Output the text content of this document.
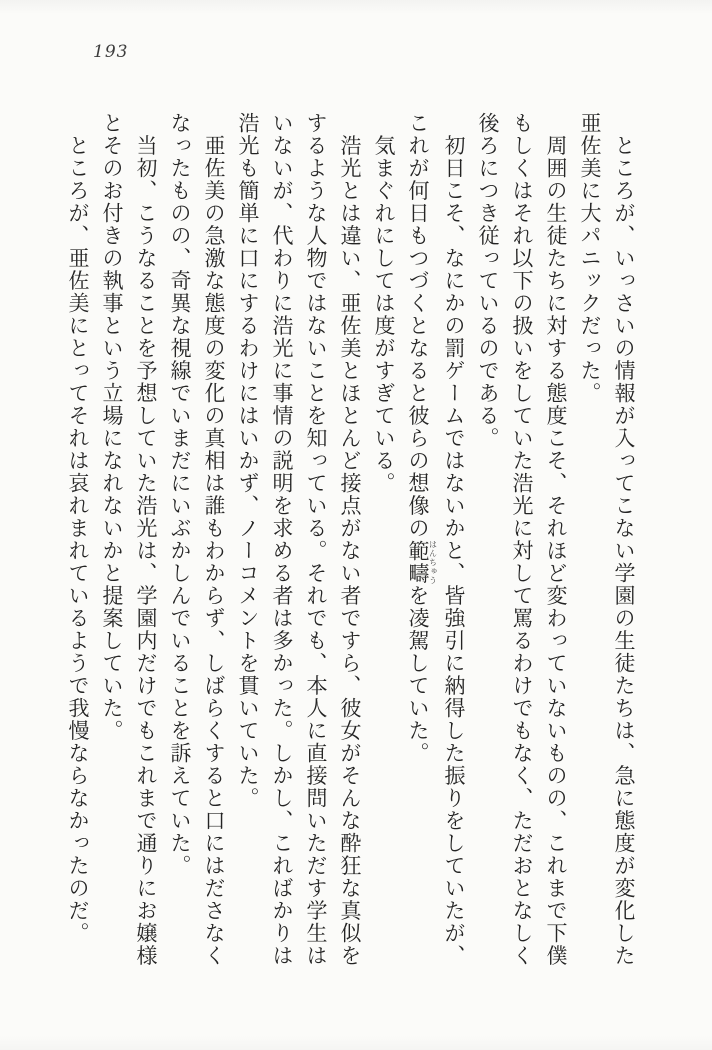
193

　ところが、いっさいの情報が入ってこない学園の生徒たちは、急に態度が変化した

亜佐美に大パニックだった。

　周囲の生徒たちに対する態度こそ、それほど変わっていないものの、これまで下僕

もしくはそれ以下の扱いをしていた浩光に対して罵るわけでもなく、ただおとなしく

後ろにつき従っているのである。

　初日こそ、なにかの罰ゲームではないかと、皆強引に納得した振りをしていたが、

これが何日もつづくとなると彼らの想像の範疇はんちゅうを凌駕していた。

　気まぐれにしては度がすぎている。

　浩光とは違い、亜佐美とほとんど接点がない者ですら、彼女がそんな酔狂な真似を

するような人物ではないことを知っている。それでも、本人に直接問いただす学生は

いないが、代わりに浩光に事情の説明を求める者は多かった。しかし、こればかりは

浩光も簡単に口にするわけにはいかず、ノーコメントを貫いていた。

　亜佐美の急激な態度の変化の真相は誰もわからず、しばらくすると口にはださなく

なったものの、奇異な視線でいまだにいぶかしんでいることを訴えていた。

　当初、こうなることを予想していた浩光は、学園内だけでもこれまで通りにお嬢様

とそのお付きの執事という立場になれないかと提案していた。

　ところが、亜佐美にとってそれは哀れまれているようで我慢ならなかったのだ。
